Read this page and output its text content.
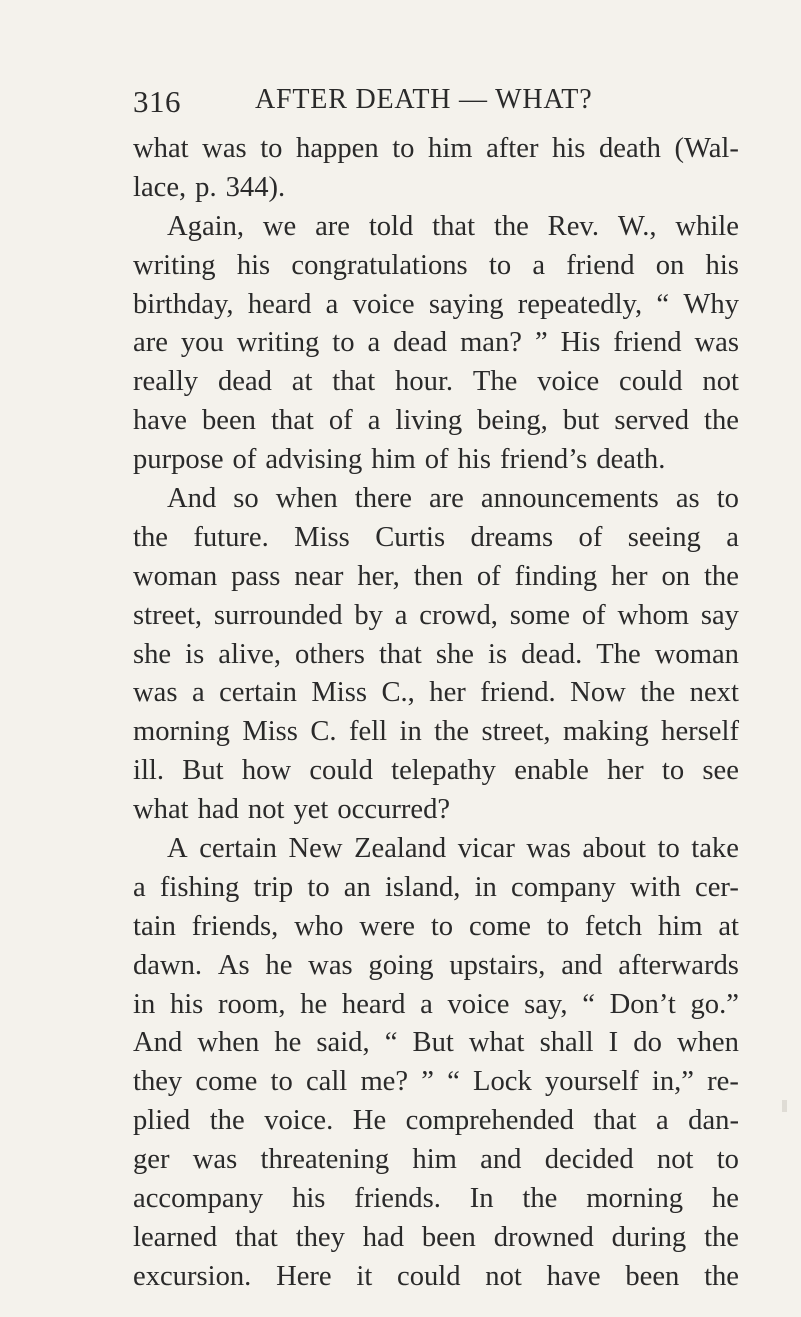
316	AFTER DEATH — WHAT?
what was to happen to him after his death (Wal-
lace, p. 344).
Again, we are told that the Rev. W., while
writing his congratulations to a friend on his
birthday, heard a voice saying repeatedly, “ Why
are you writing to a dead man? ” His friend was
really dead at that hour. The voice could not
have been that of a living being, but served the
purpose of advising him of his friend’s death.
And so when there are announcements as to
the future. Miss Curtis dreams of seeing a
woman pass near her, then of finding her on the
street, surrounded by a crowd, some of whom say
she is alive, others that she is dead. The woman
was a certain Miss C., her friend. Now the next
morning Miss C. fell in the street, making herself
ill. But how could telepathy enable her to see
what had not yet occurred?
A certain New Zealand vicar was about to take
a fishing trip to an island, in company with cer-
tain friends, who were to come to fetch him at
dawn. As he was going upstairs, and afterwards
in his room, he heard a voice say, “ Don’t go.”
And when he said, “ But what shall I do when
they come to call me? ” “ Lock yourself in,” re-
plied the voice. He comprehended that a dan-
ger was threatening him and decided not to
accompany his friends. In the morning he
learned that they had been drowned during the
excursion. Here it could not have been the
